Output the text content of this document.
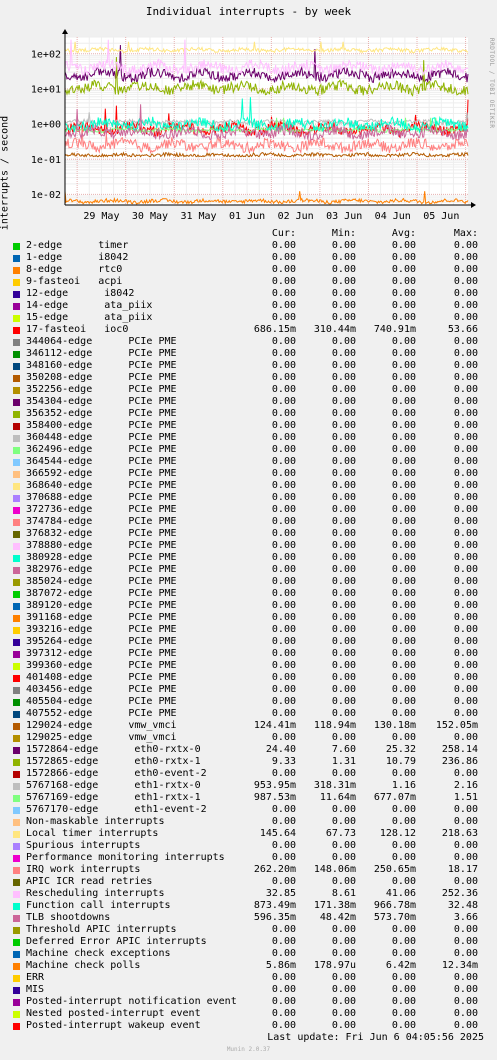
Individual interrupts - by week
interrupts / second
1e+02
1e+01
1e+00
1e-01
1e-02
29 May 30 May 31 May 01 Jun 02 Jun 03 Jun 04 Jun 05 Jun
RRDTOOL / TOBI OETIKER
Cur:	Min:	Avg:	Max:
2-edge      timer	0.00	0.00	0.00	0.00
1-edge      i8042	0.00	0.00	0.00	0.00
8-edge      rtc0	0.00	0.00	0.00	0.00
9-fasteoi   acpi	0.00	0.00	0.00	0.00
12-edge      i8042	0.00	0.00	0.00	0.00
14-edge      ata_piix	0.00	0.00	0.00	0.00
15-edge      ata_piix	0.00	0.00	0.00	0.00
17-fasteoi   ioc0	686.15m	310.44m	740.91m	53.66
344064-edge      PCIe PME	0.00	0.00	0.00	0.00
346112-edge      PCIe PME	0.00	0.00	0.00	0.00
348160-edge      PCIe PME	0.00	0.00	0.00	0.00
350208-edge      PCIe PME	0.00	0.00	0.00	0.00
352256-edge      PCIe PME	0.00	0.00	0.00	0.00
354304-edge      PCIe PME	0.00	0.00	0.00	0.00
356352-edge      PCIe PME	0.00	0.00	0.00	0.00
358400-edge      PCIe PME	0.00	0.00	0.00	0.00
360448-edge      PCIe PME	0.00	0.00	0.00	0.00
362496-edge      PCIe PME	0.00	0.00	0.00	0.00
364544-edge      PCIe PME	0.00	0.00	0.00	0.00
366592-edge      PCIe PME	0.00	0.00	0.00	0.00
368640-edge      PCIe PME	0.00	0.00	0.00	0.00
370688-edge      PCIe PME	0.00	0.00	0.00	0.00
372736-edge      PCIe PME	0.00	0.00	0.00	0.00
374784-edge      PCIe PME	0.00	0.00	0.00	0.00
376832-edge      PCIe PME	0.00	0.00	0.00	0.00
378880-edge      PCIe PME	0.00	0.00	0.00	0.00
380928-edge      PCIe PME	0.00	0.00	0.00	0.00
382976-edge      PCIe PME	0.00	0.00	0.00	0.00
385024-edge      PCIe PME	0.00	0.00	0.00	0.00
387072-edge      PCIe PME	0.00	0.00	0.00	0.00
389120-edge      PCIe PME	0.00	0.00	0.00	0.00
391168-edge      PCIe PME	0.00	0.00	0.00	0.00
393216-edge      PCIe PME	0.00	0.00	0.00	0.00
395264-edge      PCIe PME	0.00	0.00	0.00	0.00
397312-edge      PCIe PME	0.00	0.00	0.00	0.00
399360-edge      PCIe PME	0.00	0.00	0.00	0.00
401408-edge      PCIe PME	0.00	0.00	0.00	0.00
403456-edge      PCIe PME	0.00	0.00	0.00	0.00
405504-edge      PCIe PME	0.00	0.00	0.00	0.00
407552-edge      PCIe PME	0.00	0.00	0.00	0.00
129024-edge      vmw_vmci	124.41m	118.94m	130.18m	152.05m
129025-edge      vmw_vmci	0.00	0.00	0.00	0.00
1572864-edge      eth0-rxtx-0	24.40	7.60	25.32	258.14
1572865-edge      eth0-rxtx-1	9.33	1.31	10.79	236.86
1572866-edge      eth0-event-2	0.00	0.00	0.00	0.00
5767168-edge      eth1-rxtx-0	953.95m	318.31m	1.16	2.16
5767169-edge      eth1-rxtx-1	987.53m	11.64m	677.07m	1.51
5767170-edge      eth1-event-2	0.00	0.00	0.00	0.00
Non-maskable interrupts	0.00	0.00	0.00	0.00
Local timer interrupts	145.64	67.73	128.12	218.63
Spurious interrupts	0.00	0.00	0.00	0.00
Performance monitoring interrupts	0.00	0.00	0.00	0.00
IRQ work interrupts	262.20m	148.06m	250.65m	18.17
APIC ICR read retries	0.00	0.00	0.00	0.00
Rescheduling interrupts	32.85	8.61	41.06	252.36
Function call interrupts	873.49m	171.38m	966.78m	32.48
TLB shootdowns	596.35m	48.42m	573.70m	3.66
Threshold APIC interrupts	0.00	0.00	0.00	0.00
Deferred Error APIC interrupts	0.00	0.00	0.00	0.00
Machine check exceptions	0.00	0.00	0.00	0.00
Machine check polls	5.86m	178.97u	6.42m	12.34m
ERR	0.00	0.00	0.00	0.00
MIS	0.00	0.00	0.00	0.00
Posted-interrupt notification event	0.00	0.00	0.00	0.00
Nested posted-interrupt event	0.00	0.00	0.00	0.00
Posted-interrupt wakeup event	0.00	0.00	0.00	0.00
Last update: Fri Jun 6 04:05:56 2025
Munin 2.0.37
